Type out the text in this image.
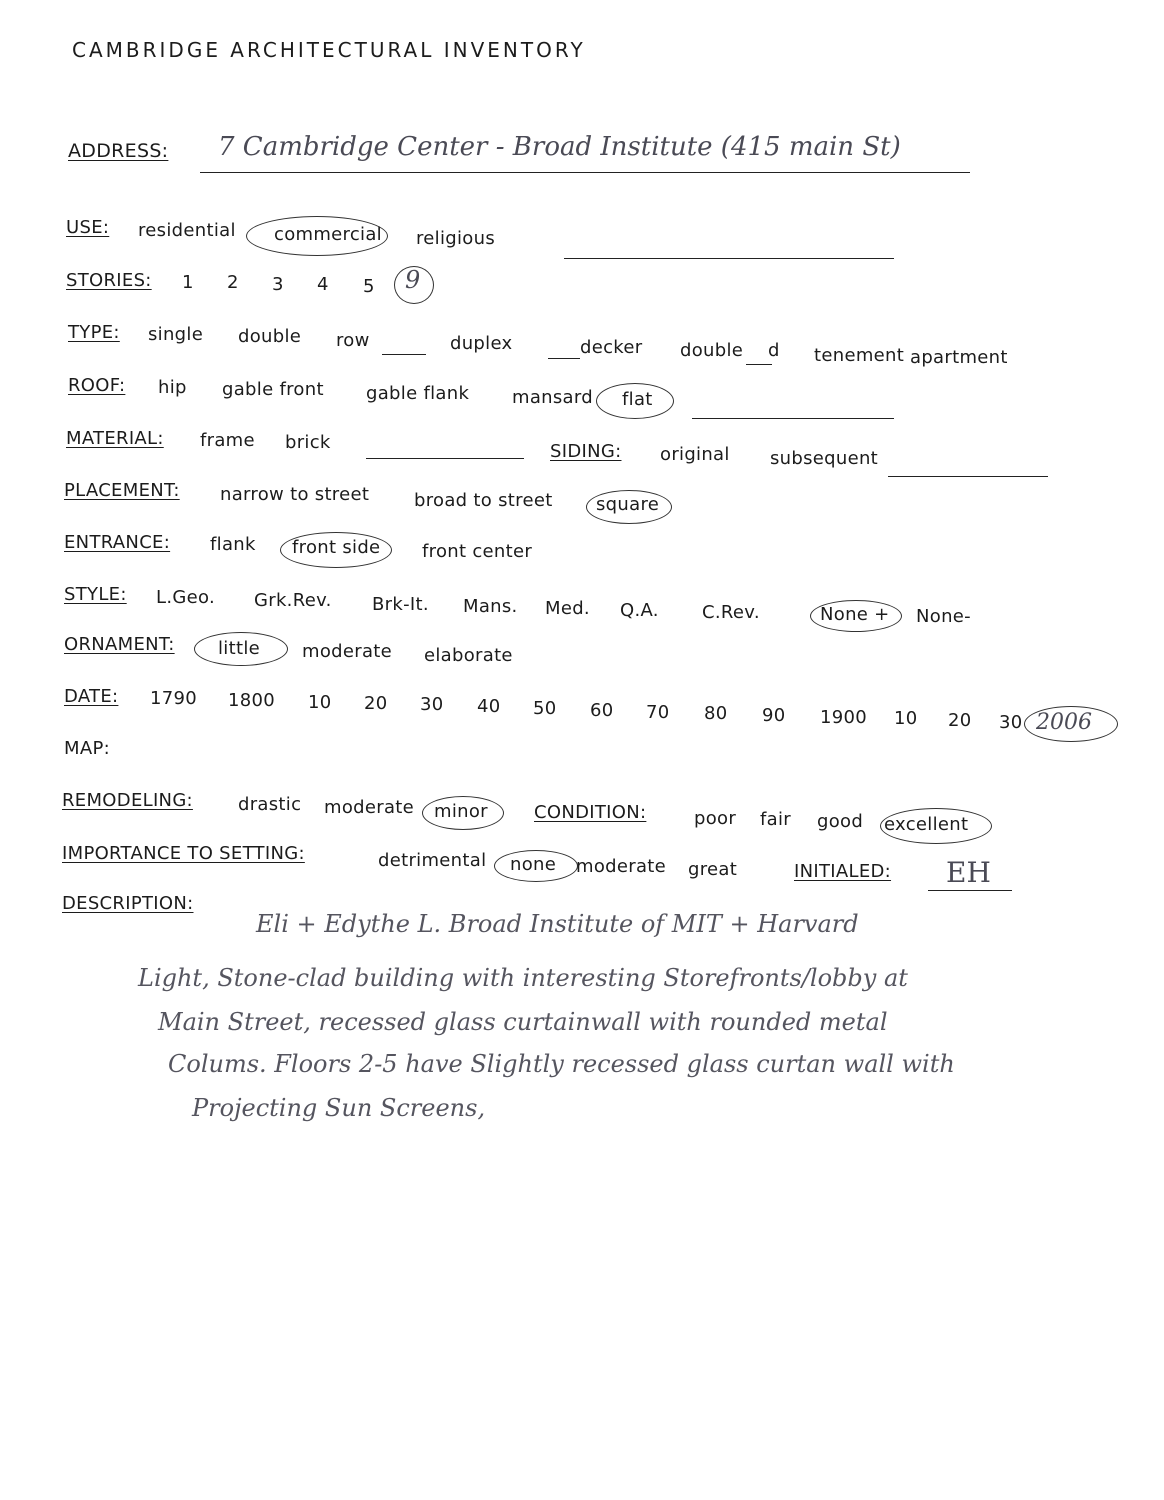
CAMBRIDGE ARCHITECTURAL INVENTORY
ADDRESS: 7 Cambridge Center - Broad Institute (415 main St)
USE: residential commercial religious
STORIES: 1 2 3 4 5 9
TYPE: single double row	duplex	decker double d tenement apartment
ROOF: hip gable front gable flank mansard flat
MATERIAL: frame brick	SIDING: original subsequent
PLACEMENT: narrow to street broad to street square
ENTRANCE: flank front side front center
STYLE: L.Geo. Grk.Rev. Brk-It. Mans. Med. Q.A. C.Rev.	None + None-
ORNAMENT: little moderate elaborate
DATE: 1790 1800 10 20 30 40 50 60 70 80 90 1900 10 20 30 2006
MAP:
REMODELING:	drastic moderate minor	CONDITION:	poor fair good excellent
IMPORTANCE TO SETTING:	detrimental none moderate great	INITIALED: EH
DESCRIPTION:
Eli + Edythe L. Broad Institute of MIT + Harvard
Light, Stone-clad building with interesting Storefronts/lobby at
Main Street, recessed glass curtainwall with rounded metal
Colums. Floors 2-5 have Slightly recessed glass curtan wall with
Projecting Sun Screens,
